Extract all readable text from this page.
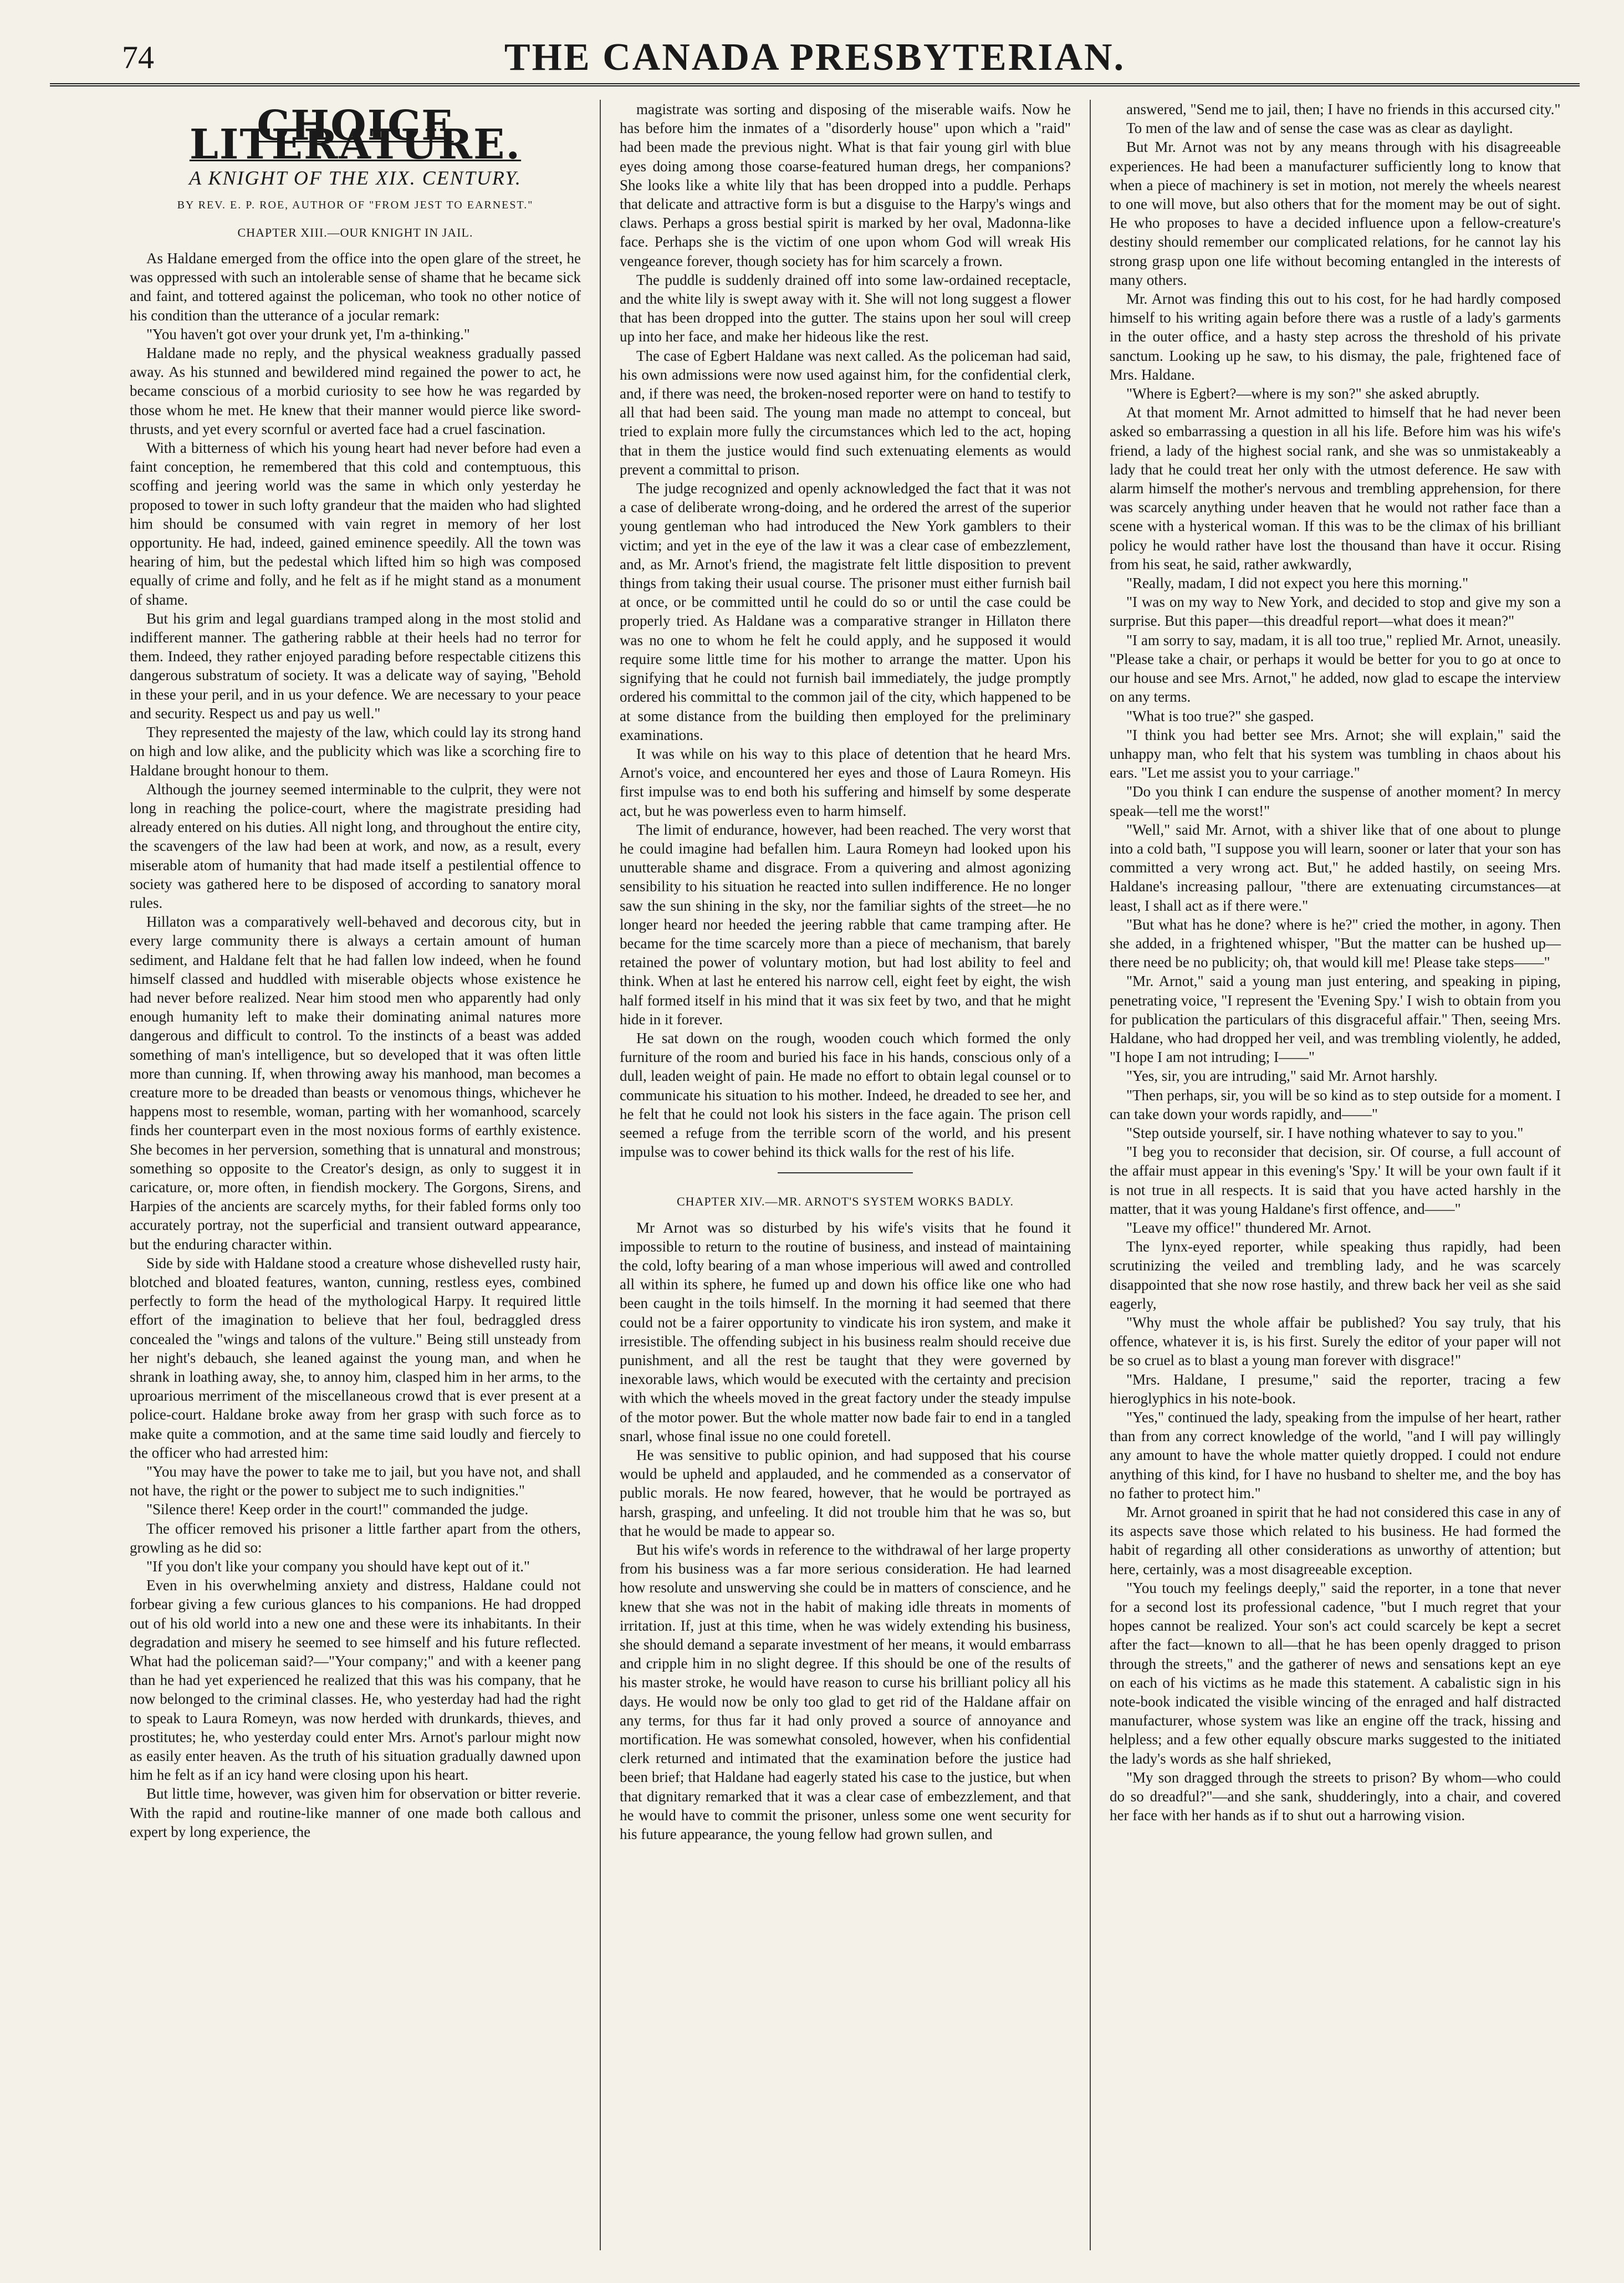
74	THE CANADA PRESBYTERIAN.
CHOICE LITERATURE.
A KNIGHT OF THE XIX. CENTURY.
BY REV. E. P. ROE, AUTHOR OF "FROM JEST TO EARNEST."
CHAPTER XIII.—OUR KNIGHT IN JAIL.

As Haldane emerged from the office into the open glare of the street, he was oppressed with such an intolerable sense of shame that he became sick and faint, and tottered against the policeman, who took no other notice of his condition than the utterance of a jocular remark:

"You haven't got over your drunk yet, I'm a-thinking."

Haldane made no reply, and the physical weakness gradually passed away. As his stunned and bewildered mind regained the power to act, he became conscious of a morbid curiosity to see how he was regarded by those whom he met. He knew that their manner would pierce like sword-thrusts, and yet every scornful or averted face had a cruel fascination.

With a bitterness of which his young heart had never before had even a faint conception, he remembered that this cold and contemptuous, this scoffing and jeering world was the same in which only yesterday he proposed to tower in such lofty grandeur that the maiden who had slighted him should be consumed with vain regret in memory of her lost opportunity. He had, indeed, gained eminence speedily. All the town was hearing of him, but the pedestal which lifted him so high was composed equally of crime and folly, and he felt as if he might stand as a monument of shame.

But his grim and legal guardians tramped along in the most stolid and indifferent manner. The gathering rabble at their heels had no terror for them. Indeed, they rather enjoyed parading before respectable citizens this dangerous substratum of society. It was a delicate way of saying, "Behold in these your peril, and in us your defence. We are necessary to your peace and security. Respect us and pay us well."

They represented the majesty of the law, which could lay its strong hand on high and low alike, and the publicity which was like a scorching fire to Haldane brought honour to them.

Although the journey seemed interminable to the culprit, they were not long in reaching the police-court, where the magistrate presiding had already entered on his duties. All night long, and throughout the entire city, the scavengers of the law had been at work, and now, as a result, every miserable atom of humanity that had made itself a pestilential offence to society was gathered here to be disposed of according to sanatory moral rules.

Hillaton was a comparatively well-behaved and decorous city, but in every large community there is always a certain amount of human sediment, and Haldane felt that he had fallen low indeed, when he found himself classed and huddled with miserable objects whose existence he had never before realized. Near him stood men who apparently had only enough humanity left to make their dominating animal natures more dangerous and difficult to control. To the instincts of a beast was added something of man's intelligence, but so developed that it was often little more than cunning. If, when throwing away his manhood, man becomes a creature more to be dreaded than beasts or venomous things, whichever he happens most to resemble, woman, parting with her womanhood, scarcely finds her counterpart even in the most noxious forms of earthly existence. She becomes in her perversion, something that is unnatural and monstrous; something so opposite to the Creator's design, as only to suggest it in caricature, or, more often, in fiendish mockery. The Gorgons, Sirens, and Harpies of the ancients are scarcely myths, for their fabled forms only too accurately portray, not the superficial and transient outward appearance, but the enduring character within.

Side by side with Haldane stood a creature whose dishevelled rusty hair, blotched and bloated features, wanton, cunning, restless eyes, combined perfectly to form the head of the mythological Harpy. It required little effort of the imagination to believe that her foul, bedraggled dress concealed the "wings and talons of the vulture." Being still unsteady from her night's debauch, she leaned against the young man, and when he shrank in loathing away, she, to annoy him, clasped him in her arms, to the uproarious merriment of the miscellaneous crowd that is ever present at a police-court. Haldane broke away from her grasp with such force as to make quite a commotion, and at the same time said loudly and fiercely to the officer who had arrested him:

"You may have the power to take me to jail, but you have not, and shall not have, the right or the power to subject me to such indignities."

"Silence there! Keep order in the court!" commanded the judge.

The officer removed his prisoner a little farther apart from the others, growling as he did so:

"If you don't like your company you should have kept out of it."

Even in his overwhelming anxiety and distress, Haldane could not forbear giving a few curious glances to his companions. He had dropped out of his old world into a new one and these were its inhabitants. In their degradation and misery he seemed to see himself and his future reflected. What had the policeman said?—"Your company;" and with a keener pang than he had yet experienced he realized that this was his company, that he now belonged to the criminal classes. He, who yesterday had had the right to speak to Laura Romeyn, was now herded with drunkards, thieves, and prostitutes; he, who yesterday could enter Mrs. Arnot's parlour might now as easily enter heaven. As the truth of his situation gradually dawned upon him he felt as if an icy hand were closing upon his heart.

But little time, however, was given him for observation or bitter reverie. With the rapid and routine-like manner of one made both callous and expert by long experience, the

magistrate was sorting and disposing of the miserable waifs. Now he has before him the inmates of a "disorderly house" upon which a "raid" had been made the previous night. What is that fair young girl with blue eyes doing among those coarse-featured human dregs, her companions? She looks like a white lily that has been dropped into a puddle. Perhaps that delicate and attractive form is but a disguise to the Harpy's wings and claws. Perhaps a gross bestial spirit is marked by her oval, Madonna-like face. Perhaps she is the victim of one upon whom God will wreak His vengeance forever, though society has for him scarcely a frown.

The puddle is suddenly drained off into some law-ordained receptacle, and the white lily is swept away with it. She will not long suggest a flower that has been dropped into the gutter. The stains upon her soul will creep up into her face, and make her hideous like the rest.

The case of Egbert Haldane was next called. As the policeman had said, his own admissions were now used against him, for the confidential clerk, and, if there was need, the broken-nosed reporter were on hand to testify to all that had been said. The young man made no attempt to conceal, but tried to explain more fully the circumstances which led to the act, hoping that in them the justice would find such extenuating elements as would prevent a committal to prison.

The judge recognized and openly acknowledged the fact that it was not a case of deliberate wrong-doing, and he ordered the arrest of the superior young gentleman who had introduced the New York gamblers to their victim; and yet in the eye of the law it was a clear case of embezzlement, and, as Mr. Arnot's friend, the magistrate felt little disposition to prevent things from taking their usual course. The prisoner must either furnish bail at once, or be committed until he could do so or until the case could be properly tried. As Haldane was a comparative stranger in Hillaton there was no one to whom he felt he could apply, and he supposed it would require some little time for his mother to arrange the matter. Upon his signifying that he could not furnish bail immediately, the judge promptly ordered his committal to the common jail of the city, which happened to be at some distance from the building then employed for the preliminary examinations.

It was while on his way to this place of detention that he heard Mrs. Arnot's voice, and encountered her eyes and those of Laura Romeyn. His first impulse was to end both his suffering and himself by some desperate act, but he was powerless even to harm himself.

The limit of endurance, however, had been reached. The very worst that he could imagine had befallen him. Laura Romeyn had looked upon his unutterable shame and disgrace. From a quivering and almost agonizing sensibility to his situation he reacted into sullen indifference. He no longer saw the sun shining in the sky, nor the familiar sights of the street—he no longer heard nor heeded the jeering rabble that came tramping after. He became for the time scarcely more than a piece of mechanism, that barely retained the power of voluntary motion, but had lost ability to feel and think. When at last he entered his narrow cell, eight feet by eight, the wish half formed itself in his mind that it was six feet by two, and that he might hide in it forever.

He sat down on the rough, wooden couch which formed the only furniture of the room and buried his face in his hands, conscious only of a dull, leaden weight of pain. He made no effort to obtain legal counsel or to communicate his situation to his mother. Indeed, he dreaded to see her, and he felt that he could not look his sisters in the face again. The prison cell seemed a refuge from the terrible scorn of the world, and his present impulse was to cower behind its thick walls for the rest of his life.

CHAPTER XIV.—MR. ARNOT'S SYSTEM WORKS BADLY.

Mr Arnot was so disturbed by his wife's visits that he found it impossible to return to the routine of business, and instead of maintaining the cold, lofty bearing of a man whose imperious will awed and controlled all within its sphere, he fumed up and down his office like one who had been caught in the toils himself. In the morning it had seemed that there could not be a fairer opportunity to vindicate his iron system, and make it irresistible. The offending subject in his business realm should receive due punishment, and all the rest be taught that they were governed by inexorable laws, which would be executed with the certainty and precision with which the wheels moved in the great factory under the steady impulse of the motor power. But the whole matter now bade fair to end in a tangled snarl, whose final issue no one could foretell.

He was sensitive to public opinion, and had supposed that his course would be upheld and applauded, and he commended as a conservator of public morals. He now feared, however, that he would be portrayed as harsh, grasping, and unfeeling. It did not trouble him that he was so, but that he would be made to appear so.

But his wife's words in reference to the withdrawal of her large property from his business was a far more serious consideration. He had learned how resolute and unswerving she could be in matters of conscience, and he knew that she was not in the habit of making idle threats in moments of irritation. If, just at this time, when he was widely extending his business, she should demand a separate investment of her means, it would embarrass and cripple him in no slight degree. If this should be one of the results of his master stroke, he would have reason to curse his brilliant policy all his days. He would now be only too glad to get rid of the Haldane affair on any terms, for thus far it had only proved a source of annoyance and mortification. He was somewhat consoled, however, when his confidential clerk returned and intimated that the examination before the justice had been brief; that Haldane had eagerly stated his case to the justice, but when that dignitary remarked that it was a clear case of embezzlement, and that he would have to commit the prisoner, unless some one went security for his future appearance, the young fellow had grown sullen, and

answered, "Send me to jail, then; I have no friends in this accursed city."

To men of the law and of sense the case was as clear as daylight.

But Mr. Arnot was not by any means through with his disagreeable experiences. He had been a manufacturer sufficiently long to know that when a piece of machinery is set in motion, not merely the wheels nearest to one will move, but also others that for the moment may be out of sight. He who proposes to have a decided influence upon a fellow-creature's destiny should remember our complicated relations, for he cannot lay his strong grasp upon one life without becoming entangled in the interests of many others.

Mr. Arnot was finding this out to his cost, for he had hardly composed himself to his writing again before there was a rustle of a lady's garments in the outer office, and a hasty step across the threshold of his private sanctum. Looking up he saw, to his dismay, the pale, frightened face of Mrs. Haldane.

"Where is Egbert?—where is my son?" she asked abruptly.

At that moment Mr. Arnot admitted to himself that he had never been asked so embarrassing a question in all his life. Before him was his wife's friend, a lady of the highest social rank, and she was so unmistakeably a lady that he could treat her only with the utmost deference. He saw with alarm himself the mother's nervous and trembling apprehension, for there was scarcely anything under heaven that he would not rather face than a scene with a hysterical woman. If this was to be the climax of his brilliant policy he would rather have lost the thousand than have it occur. Rising from his seat, he said, rather awkwardly,

"Really, madam, I did not expect you here this morning."

"I was on my way to New York, and decided to stop and give my son a surprise. But this paper—this dreadful report—what does it mean?"

"I am sorry to say, madam, it is all too true," replied Mr. Arnot, uneasily. "Please take a chair, or perhaps it would be better for you to go at once to our house and see Mrs. Arnot," he added, now glad to escape the interview on any terms.

"What is too true?" she gasped.

"I think you had better see Mrs. Arnot; she will explain," said the unhappy man, who felt that his system was tumbling in chaos about his ears. "Let me assist you to your carriage."

"Do you think I can endure the suspense of another moment? In mercy speak—tell me the worst!"

"Well," said Mr. Arnot, with a shiver like that of one about to plunge into a cold bath, "I suppose you will learn, sooner or later that your son has committed a very wrong act. But," he added hastily, on seeing Mrs. Haldane's increasing pallour, "there are extenuating circumstances—at least, I shall act as if there were."

"But what has he done? where is he?" cried the mother, in agony. Then she added, in a frightened whisper, "But the matter can be hushed up—there need be no publicity; oh, that would kill me! Please take steps——"

"Mr. Arnot," said a young man just entering, and speaking in piping, penetrating voice, "I represent the 'Evening Spy.' I wish to obtain from you for publication the particulars of this disgraceful affair." Then, seeing Mrs. Haldane, who had dropped her veil, and was trembling violently, he added, "I hope I am not intruding; I——"

"Yes, sir, you are intruding," said Mr. Arnot harshly.

"Then perhaps, sir, you will be so kind as to step outside for a moment. I can take down your words rapidly, and——"

"Step outside yourself, sir. I have nothing whatever to say to you."

"I beg you to reconsider that decision, sir. Of course, a full account of the affair must appear in this evening's 'Spy.' It will be your own fault if it is not true in all respects. It is said that you have acted harshly in the matter, that it was young Haldane's first offence, and——"

"Leave my office!" thundered Mr. Arnot.

The lynx-eyed reporter, while speaking thus rapidly, had been scrutinizing the veiled and trembling lady, and he was scarcely disappointed that she now rose hastily, and threw back her veil as she said eagerly,

"Why must the whole affair be published? You say truly, that his offence, whatever it is, is his first. Surely the editor of your paper will not be so cruel as to blast a young man forever with disgrace!"

"Mrs. Haldane, I presume," said the reporter, tracing a few hieroglyphics in his note-book.

"Yes," continued the lady, speaking from the impulse of her heart, rather than from any correct knowledge of the world, "and I will pay willingly any amount to have the whole matter quietly dropped. I could not endure anything of this kind, for I have no husband to shelter me, and the boy has no father to protect him."

Mr. Arnot groaned in spirit that he had not considered this case in any of its aspects save those which related to his business. He had formed the habit of regarding all other considerations as unworthy of attention; but here, certainly, was a most disagreeable exception.

"You touch my feelings deeply," said the reporter, in a tone that never for a second lost its professional cadence, "but I much regret that your hopes cannot be realized. Your son's act could scarcely be kept a secret after the fact—known to all—that he has been openly dragged to prison through the streets," and the gatherer of news and sensations kept an eye on each of his victims as he made this statement. A cabalistic sign in his note-book indicated the visible wincing of the enraged and half distracted manufacturer, whose system was like an engine off the track, hissing and helpless; and a few other equally obscure marks suggested to the initiated the lady's words as she half shrieked,

"My son dragged through the streets to prison? By whom—who could do so dreadful?"—and she sank, shudderingly, into a chair, and covered her face with her hands as if to shut out a harrowing vision.
